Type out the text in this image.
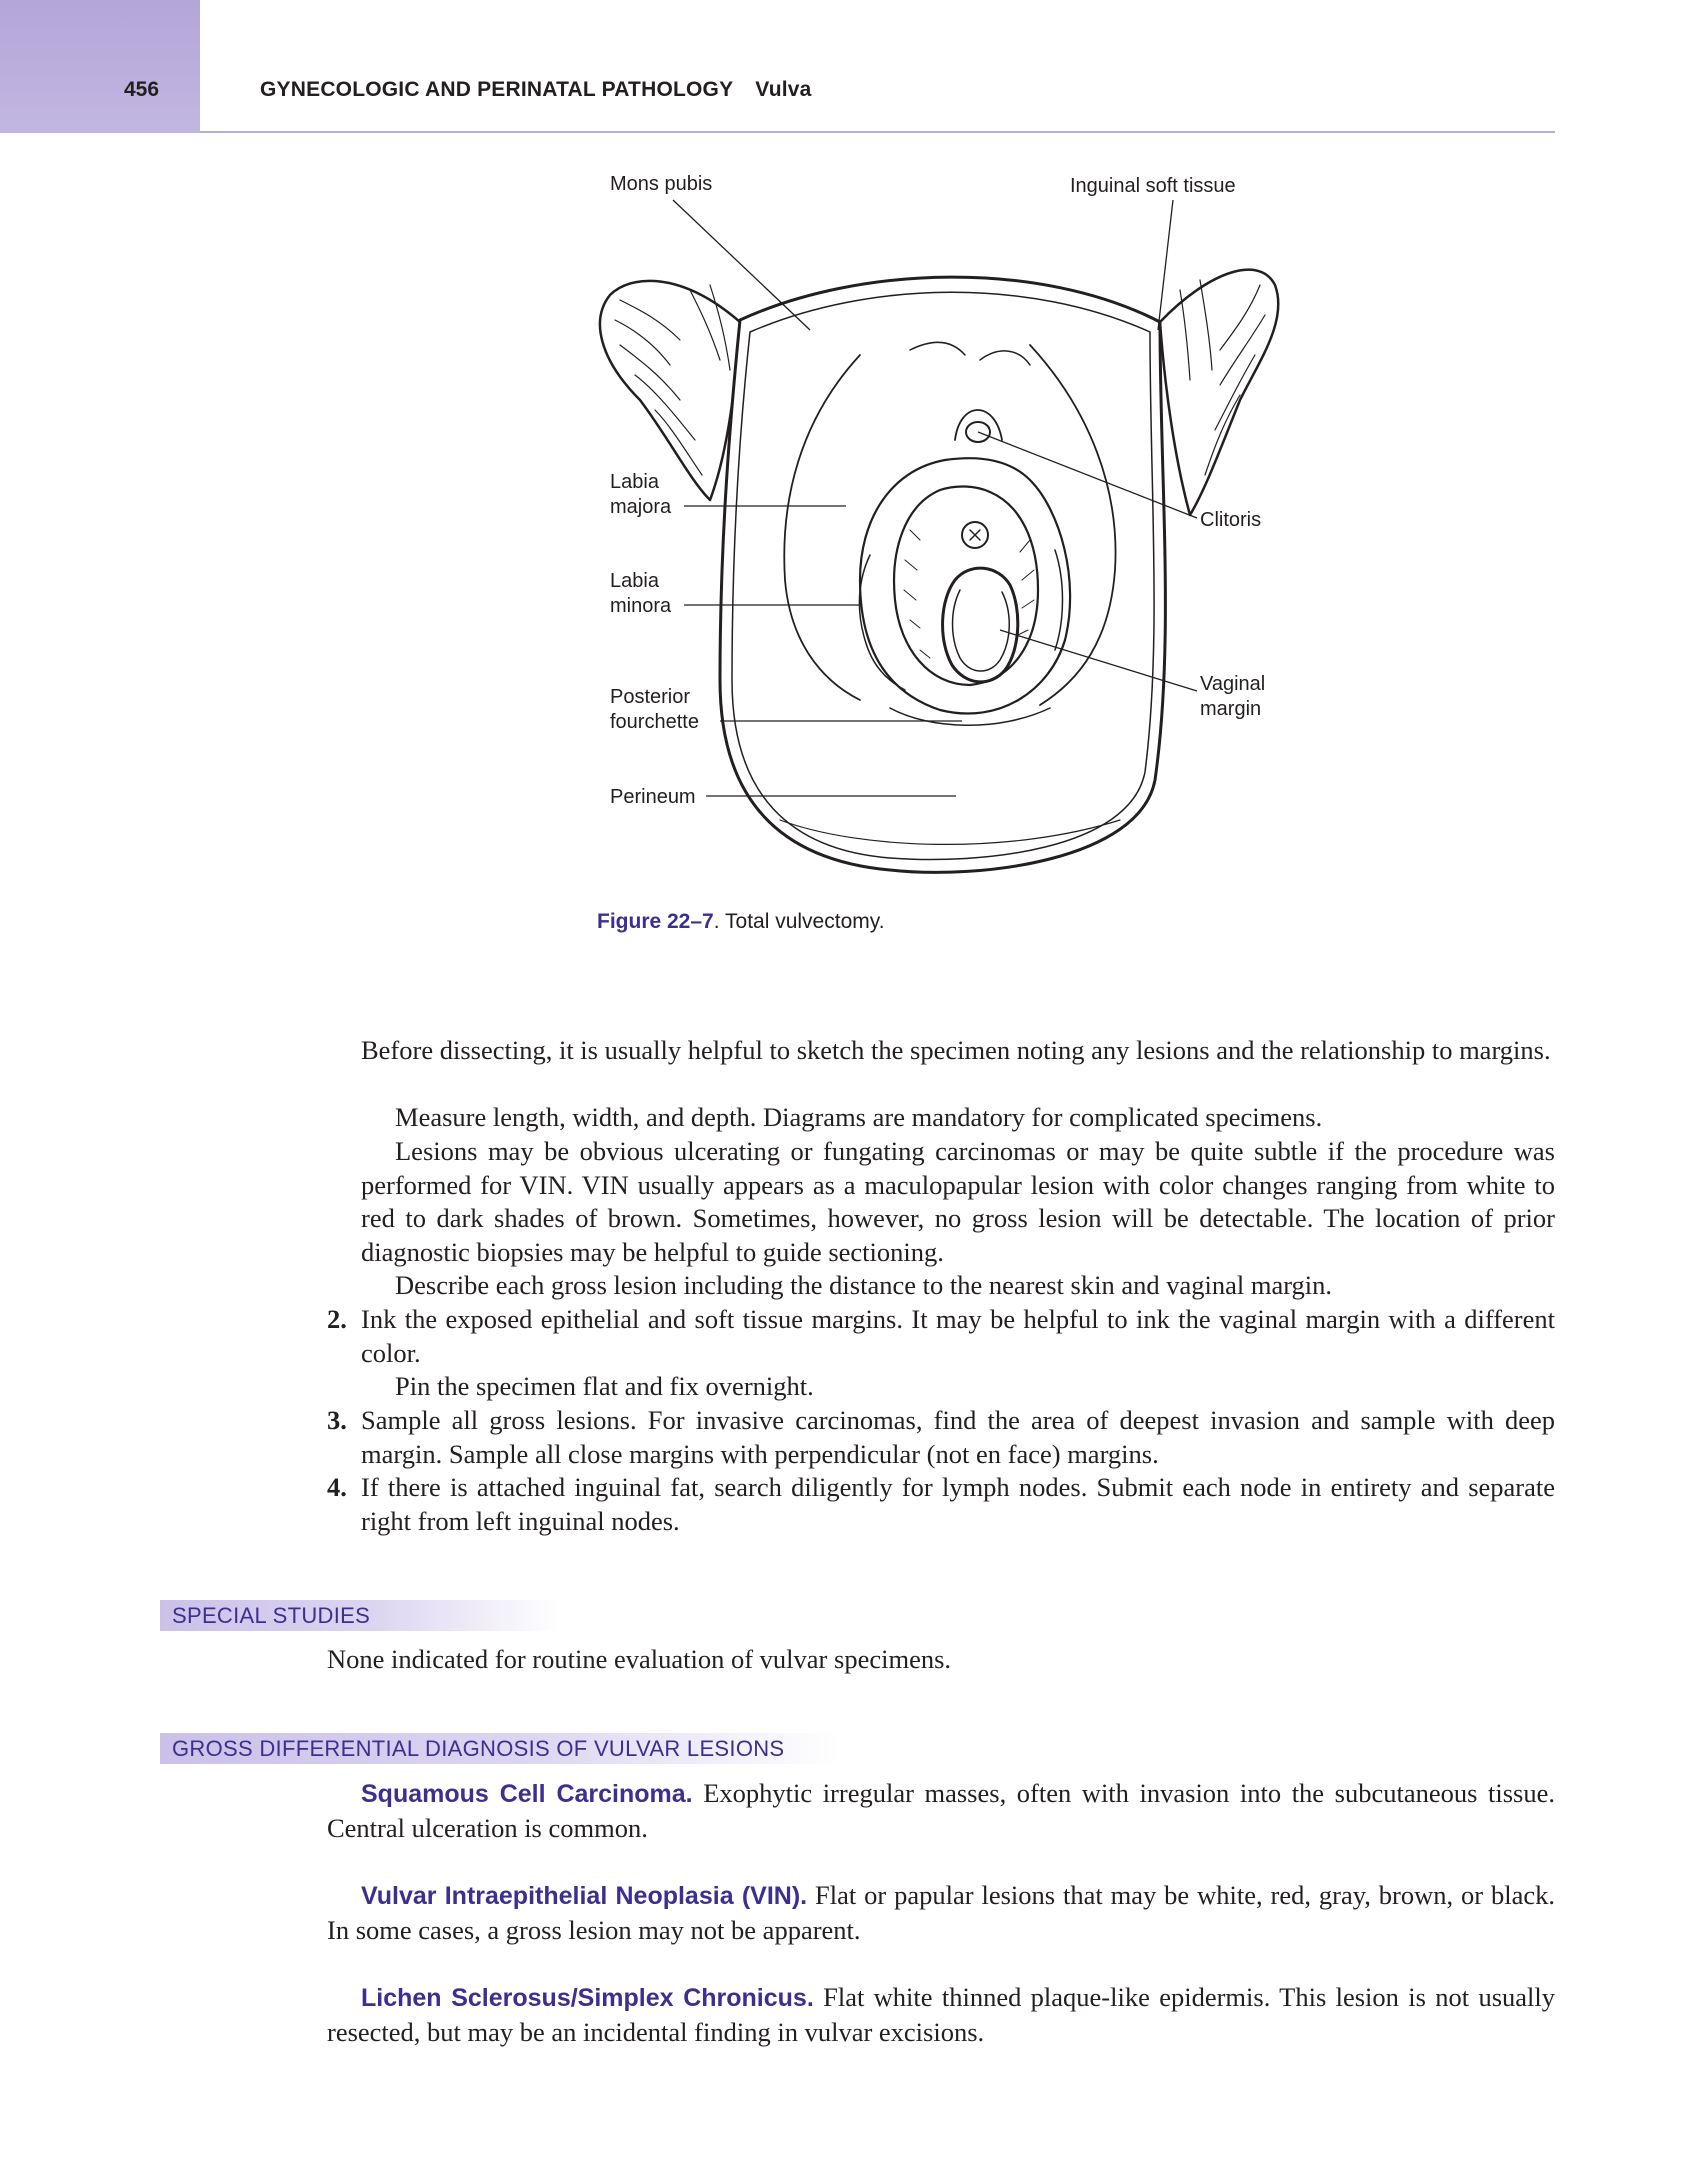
456	GYNECOLOGIC AND PERINATAL PATHOLOGY Vulva
Mons pubis	Inguinal soft tissue
Labia
majora
Labia
minora
Posterior
fourchette
Perineum
Clitoris
Vaginal
margin
Figure 22–7. Total vulvectomy.
Before dissecting, it is usually helpful to sketch the specimen noting any lesions and the relationship to margins.
Measure length, width, and depth. Diagrams are mandatory for complicated specimens.
Lesions may be obvious ulcerating or fungating carcinomas or may be quite subtle if the procedure was performed for VIN. VIN usually appears as a maculopapular lesion with color changes ranging from white to red to dark shades of brown. Sometimes, however, no gross lesion will be detectable. The location of prior diagnostic biopsies may be helpful to guide sectioning.
Describe each gross lesion including the distance to the nearest skin and vaginal margin.
2. Ink the exposed epithelial and soft tissue margins. It may be helpful to ink the vaginal margin with a different color.
Pin the specimen flat and fix overnight.
3. Sample all gross lesions. For invasive carcinomas, find the area of deepest invasion and sample with deep margin. Sample all close margins with perpendicular (not en face) margins.
4. If there is attached inguinal fat, search diligently for lymph nodes. Submit each node in entirety and separate right from left inguinal nodes.
SPECIAL STUDIES
None indicated for routine evaluation of vulvar specimens.
GROSS DIFFERENTIAL DIAGNOSIS OF VULVAR LESIONS
Squamous Cell Carcinoma. Exophytic irregular masses, often with invasion into the subcutaneous tissue. Central ulceration is common.
Vulvar Intraepithelial Neoplasia (VIN). Flat or papular lesions that may be white, red, gray, brown, or black. In some cases, a gross lesion may not be apparent.
Lichen Sclerosus/Simplex Chronicus. Flat white thinned plaque-like epidermis. This lesion is not usually resected, but may be an incidental finding in vulvar excisions.
